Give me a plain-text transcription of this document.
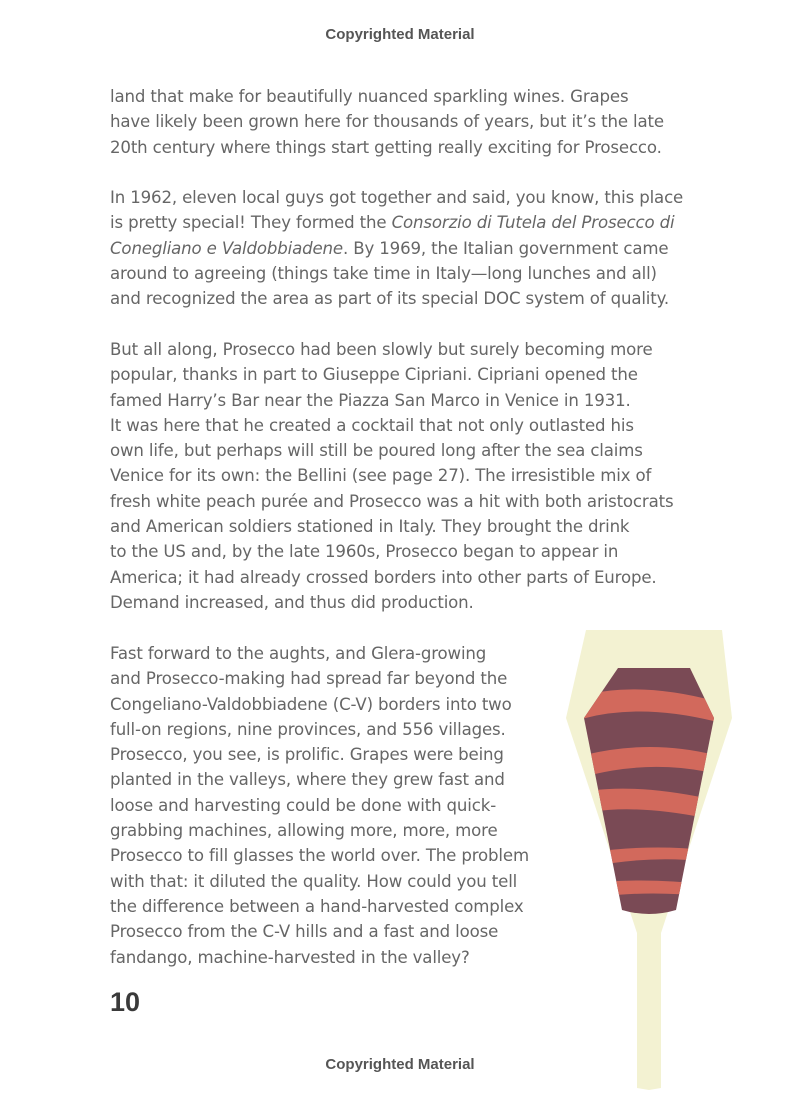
Copyrighted Material
land that make for beautifully nuanced sparkling wines. Grapes
have likely been grown here for thousands of years, but it’s the late
20th century where things start getting really exciting for Prosecco.
In 1962, eleven local guys got together and said, you know, this place
is pretty special! They formed the Consorzio di Tutela del Prosecco di
Conegliano e Valdobbiadene. By 1969, the Italian government came
around to agreeing (things take time in Italy—long lunches and all)
and recognized the area as part of its special DOC system of quality.
But all along, Prosecco had been slowly but surely becoming more
popular, thanks in part to Giuseppe Cipriani. Cipriani opened the
famed Harry’s Bar near the Piazza San Marco in Venice in 1931.
It was here that he created a cocktail that not only outlasted his
own life, but perhaps will still be poured long after the sea claims
Venice for its own: the Bellini (see page 27). The irresistible mix of
fresh white peach purée and Prosecco was a hit with both aristocrats
and American soldiers stationed in Italy. They brought the drink
to the US and, by the late 1960s, Prosecco began to appear in
America; it had already crossed borders into other parts of Europe.
Demand increased, and thus did production.
Fast forward to the aughts, and Glera-growing
and Prosecco-making had spread far beyond the
Congeliano-Valdobbiadene (C-V) borders into two
full-on regions, nine provinces, and 556 villages.
Prosecco, you see, is prolific. Grapes were being
planted in the valleys, where they grew fast and
loose and harvesting could be done with quick-
grabbing machines, allowing more, more, more
Prosecco to fill glasses the world over. The problem
with that: it diluted the quality. How could you tell
the difference between a hand-harvested complex
Prosecco from the C-V hills and a fast and loose
fandango, machine-harvested in the valley?
10
Copyrighted Material
